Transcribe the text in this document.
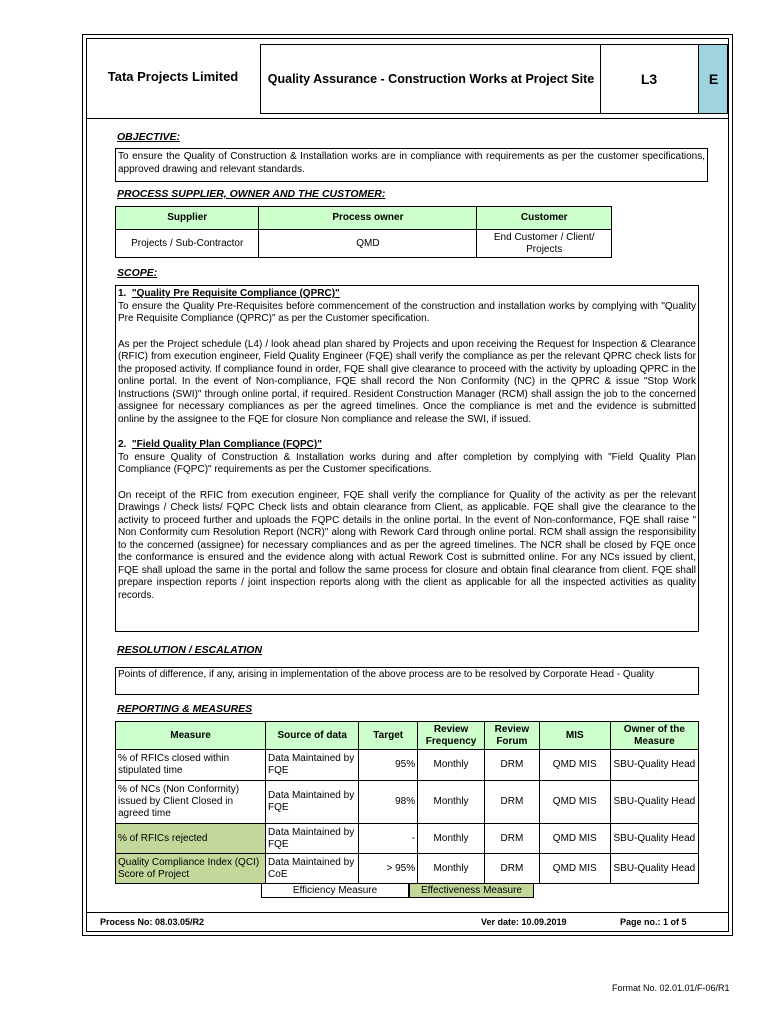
Tata Projects Limited	Quality Assurance - Construction Works at Project Site	L3	E
OBJECTIVE:
To ensure the Quality of Construction & Installation works are in compliance with requirements as per the customer specifications, approved drawing and relevant standards.
PROCESS SUPPLIER, OWNER AND THE CUSTOMER:
Supplier	Process owner	Customer
Projects / Sub-Contractor	QMD	End Customer / Client/ Projects
SCOPE:

1. "Quality Pre Requisite Compliance (QPRC)"

To ensure the Quality Pre-Requisites before commencement of the construction and installation works by complying with "Quality Pre Requisite Compliance (QPRC)" as per the Customer specification.

As per the Project schedule (L4) / look ahead plan shared by Projects and upon receiving the Request for Inspection & Clearance (RFIC) from execution engineer, Field Quality Engineer (FQE) shall verify the compliance as per the relevant QPRC check lists for the proposed activity. If compliance found in order, FQE shall give clearance to proceed with the activity by uploading QPRC in the online portal. In the event of Non-compliance, FQE shall record the Non Conformity (NC) in the QPRC & issue "Stop Work Instructions (SWI)" through online portal, if required. Resident Construction Manager (RCM) shall assign the job to the concerned assignee for necessary compliances as per the agreed timelines. Once the compliance is met and the evidence is submitted online by the assignee to the FQE for closure Non compliance and release the SWI, if issued.

2. "Field Quality Plan Compliance (FQPC)"

To ensure Quality of Construction & Installation works during and after completion by complying with "Field Quality Plan Compliance (FQPC)" requirements as per the Customer specifications.

On receipt of the RFIC from execution engineer, FQE shall verify the compliance for Quality of the activity as per the relevant Drawings / Check lists/ FQPC Check lists and obtain clearance from Client, as applicable. FQE shall give the clearance to the activity to proceed further and uploads the FQPC details in the online portal. In the event of Non-conformance, FQE shall raise " Non Conformity cum Resolution Report (NCR)" along with Rework Card through online portal. RCM shall assign the responsibility to the concerned (assignee) for necessary compliances and as per the agreed timelines. The NCR shall be closed by FQE once the conformance is ensured and the evidence along with actual Rework Cost is submitted online. For any NCs issued by client, FQE shall upload the same in the portal and follow the same process for closure and obtain final clearance from client. FQE shall prepare inspection reports / joint inspection reports along with the client as applicable for all the inspected activities as quality records.

RESOLUTION / ESCALATION
Points of difference, if any, arising in implementation of the above process are to be resolved by Corporate Head - Quality
REPORTING & MEASURES
Measure	Source of data	Target	Review Frequency	Review Forum	MIS	Owner of the Measure
% of RFICs closed within stipulated time	Data Maintained by FQE	95%	Monthly	DRM	QMD MIS	SBU-Quality Head
% of NCs (Non Conformity) issued by Client Closed in agreed time	Data Maintained by FQE	98%	Monthly	DRM	QMD MIS	SBU-Quality Head
% of RFICs rejected	Data Maintained by FQE	-	Monthly	DRM	QMD MIS	SBU-Quality Head
Quality Compliance Index (QCI) Score of Project	Data Maintained by CoE	> 95%	Monthly	DRM	QMD MIS	SBU-Quality Head
Efficiency Measure	Effectiveness Measure
Process No: 08.03.05/R2	Ver date: 10.09.2019	Page no.: 1 of 5
Format No. 02.01.01/F-06/R1
